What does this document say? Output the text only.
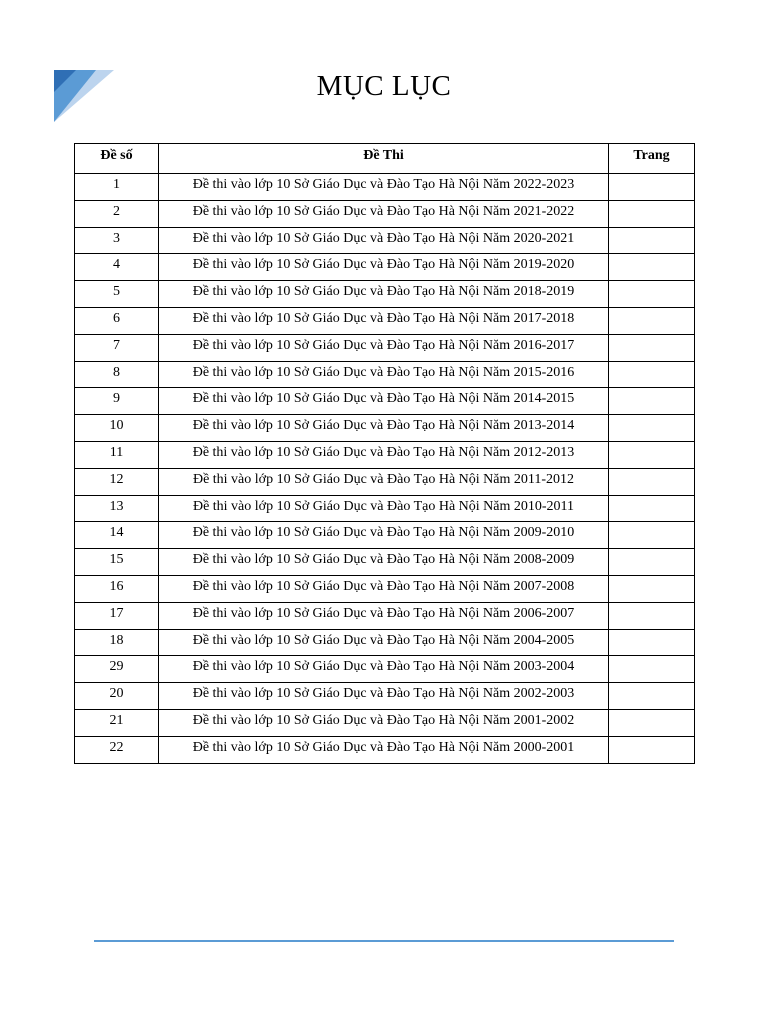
MỤC LỤC
Đề số	Đề Thi	Trang
1	Đề thi vào lớp 10 Sở Giáo Dục và Đào Tạo Hà Nội Năm 2022-2023	
2	Đề thi vào lớp 10 Sở Giáo Dục và Đào Tạo Hà Nội Năm 2021-2022	
3	Đề thi vào lớp 10 Sở Giáo Dục và Đào Tạo Hà Nội Năm 2020-2021	
4	Đề thi vào lớp 10 Sở Giáo Dục và Đào Tạo Hà Nội Năm 2019-2020	
5	Đề thi vào lớp 10 Sở Giáo Dục và Đào Tạo Hà Nội Năm 2018-2019	
6	Đề thi vào lớp 10 Sở Giáo Dục và Đào Tạo Hà Nội Năm 2017-2018	
7	Đề thi vào lớp 10 Sở Giáo Dục và Đào Tạo Hà Nội Năm 2016-2017	
8	Đề thi vào lớp 10 Sở Giáo Dục và Đào Tạo Hà Nội Năm 2015-2016	
9	Đề thi vào lớp 10 Sở Giáo Dục và Đào Tạo Hà Nội Năm 2014-2015	
10	Đề thi vào lớp 10 Sở Giáo Dục và Đào Tạo Hà Nội Năm 2013-2014	
11	Đề thi vào lớp 10 Sở Giáo Dục và Đào Tạo Hà Nội Năm 2012-2013	
12	Đề thi vào lớp 10 Sở Giáo Dục và Đào Tạo Hà Nội Năm 2011-2012	
13	Đề thi vào lớp 10 Sở Giáo Dục và Đào Tạo Hà Nội Năm 2010-2011	
14	Đề thi vào lớp 10 Sở Giáo Dục và Đào Tạo Hà Nội Năm 2009-2010	
15	Đề thi vào lớp 10 Sở Giáo Dục và Đào Tạo Hà Nội Năm 2008-2009	
16	Đề thi vào lớp 10 Sở Giáo Dục và Đào Tạo Hà Nội Năm 2007-2008	
17	Đề thi vào lớp 10 Sở Giáo Dục và Đào Tạo Hà Nội Năm 2006-2007	
18	Đề thi vào lớp 10 Sở Giáo Dục và Đào Tạo Hà Nội Năm 2004-2005	
29	Đề thi vào lớp 10 Sở Giáo Dục và Đào Tạo Hà Nội Năm 2003-2004	
20	Đề thi vào lớp 10 Sở Giáo Dục và Đào Tạo Hà Nội Năm 2002-2003	
21	Đề thi vào lớp 10 Sở Giáo Dục và Đào Tạo Hà Nội Năm 2001-2002	
22	Đề thi vào lớp 10 Sở Giáo Dục và Đào Tạo Hà Nội Năm 2000-2001	
